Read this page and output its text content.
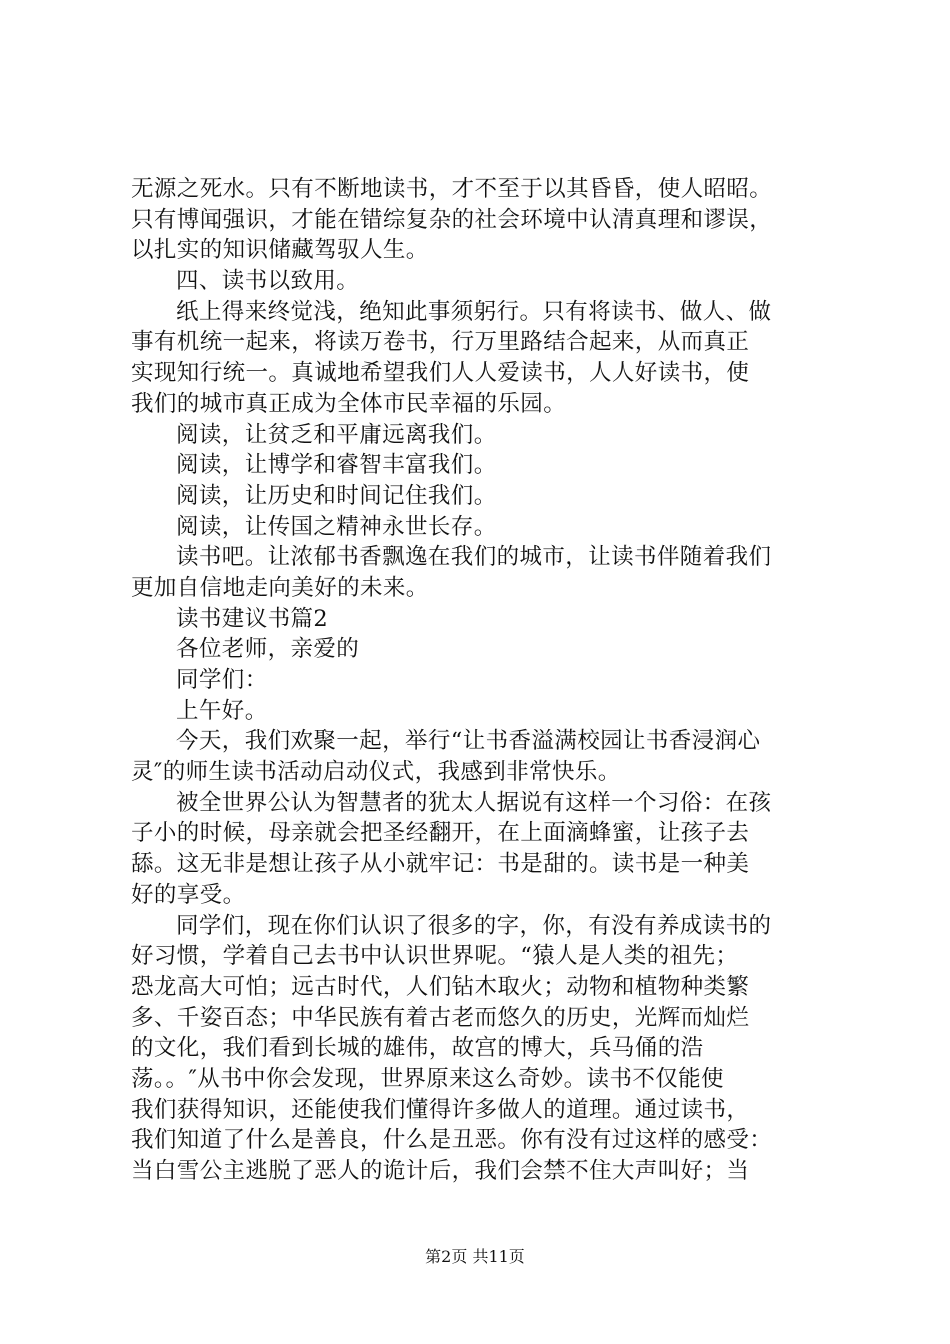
无源之死水。只有不断地读书，才不至于以其昏昏，使人昭昭。
只有博闻强识，才能在错综复杂的社会环境中认清真理和谬误，
以扎实的知识储藏驾驭人生。
四、读书以致用。
纸上得来终觉浅，绝知此事须躬行。只有将读书、做人、做
事有机统一起来，将读万卷书，行万里路结合起来，从而真正
实现知行统一。真诚地希望我们人人爱读书，人人好读书，使
我们的城市真正成为全体市民幸福的乐园。
阅读，让贫乏和平庸远离我们。
阅读，让博学和睿智丰富我们。
阅读，让历史和时间记住我们。
阅读，让传国之精神永世长存。
读书吧。让浓郁书香飘逸在我们的城市，让读书伴随着我们
更加自信地走向美好的未来。
读书建议书篇2
各位老师，亲爱的
同学们：
上午好。
今天，我们欢聚一起，举行“让书香溢满校园让书香浸润心
灵″的师生读书活动启动仪式，我感到非常快乐。
被全世界公认为智慧者的犹太人据说有这样一个习俗：在孩
子小的时候，母亲就会把圣经翻开，在上面滴蜂蜜，让孩子去
舔。这无非是想让孩子从小就牢记：书是甜的。读书是一种美
好的享受。
同学们，现在你们认识了很多的字，你，有没有养成读书的
好习惯，学着自己去书中认识世界呢。“猿人是人类的祖先；
恐龙高大可怕；远古时代，人们钻木取火；动物和植物种类繁
多、千姿百态；中华民族有着古老而悠久的历史，光辉而灿烂
的文化，我们看到长城的雄伟，故宫的博大，兵马俑的浩
荡。。″从书中你会发现，世界原来这么奇妙。读书不仅能使
我们获得知识，还能使我们懂得许多做人的道理。通过读书，
我们知道了什么是善良，什么是丑恶。你有没有过这样的感受：
当白雪公主逃脱了恶人的诡计后，我们会禁不住大声叫好；当
第2页 共11页
